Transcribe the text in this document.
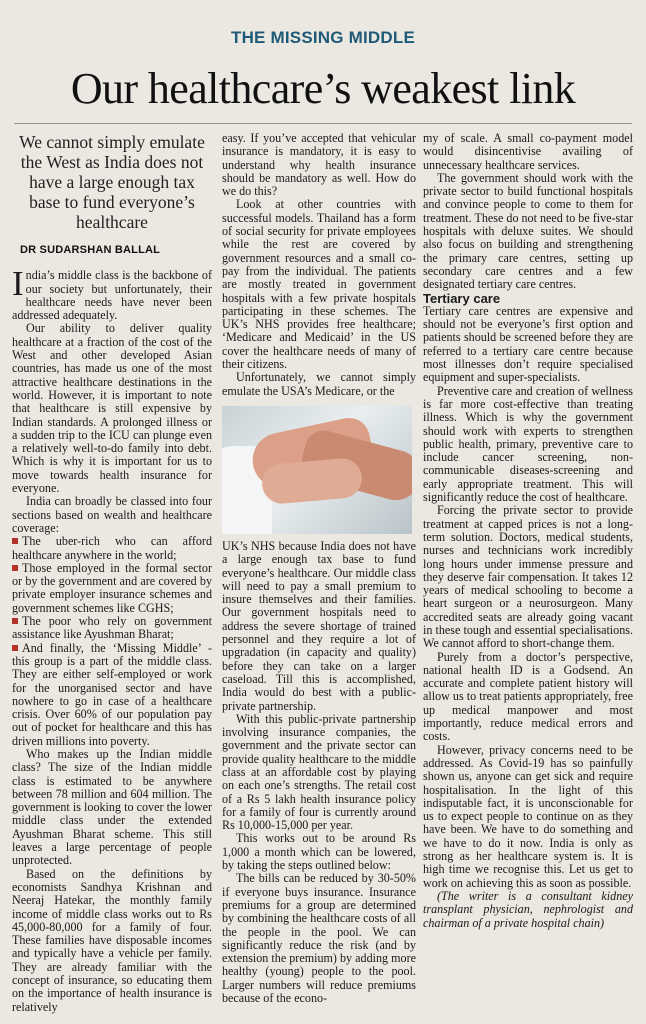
THE MISSING MIDDLE
Our healthcare’s weakest link
We cannot simply emulate the West as India does not have a large enough tax base to fund everyone’s healthcare
DR SUDARSHAN BALLAL

India’s middle class is the backbone of our society but unfortunately, their healthcare needs have never been addressed adequately.

Our ability to deliver quality healthcare at a fraction of the cost of the West and other developed Asian countries, has made us one of the most attractive healthcare destinations in the world. However, it is important to note that healthcare is still expensive by Indian standards. A prolonged illness or a sudden trip to the ICU can plunge even a relatively well-to-do family into debt. Which is why it is important for us to move towards health insurance for everyone.

India can broadly be classed into four sections based on wealth and healthcare coverage:

The uber-rich who can afford healthcare anywhere in the world;

Those employed in the formal sector or by the government and are covered by private employer insurance schemes and government schemes like CGHS;

The poor who rely on government assistance like Ayushman Bharat;

And finally, the ‘Missing Middle’ - this group is a part of the middle class. They are either self-employed or work for the unorganised sector and have nowhere to go in case of a healthcare crisis. Over 60% of our population pay out of pocket for healthcare and this has driven millions into poverty.

Who makes up the Indian middle class? The size of the Indian middle class is estimated to be anywhere between 78 million and 604 million. The government is looking to cover the lower middle class under the extended Ayushman Bharat scheme. This still leaves a large percentage of people unprotected.

Based on the definitions by economists Sandhya Krishnan and Neeraj Hatekar, the monthly family income of middle class works out to Rs 45,000-80,000 for a family of four. These families have disposable incomes and typically have a vehicle per family. They are already familiar with the concept of insurance, so educating them on the importance of health insurance is relatively

easy. If you’ve accepted that vehicular insurance is mandatory, it is easy to understand why health insurance should be mandatory as well. How do we do this?

Look at other countries with successful models. Thailand has a form of social security for private employees while the rest are covered by government resources and a small co-pay from the individual. The patients are mostly treated in government hospitals with a few private hospitals participating in these schemes. The UK’s NHS provides free healthcare; ‘Medicare and Medicaid’ in the US cover the healthcare needs of many of their citizens.

Unfortunately, we cannot simply emulate the USA’s Medicare, or the

UK’s NHS because India does not have a large enough tax base to fund everyone’s healthcare. Our middle class will need to pay a small premium to insure themselves and their families. Our government hospitals need to address the severe shortage of trained personnel and they require a lot of upgradation (in capacity and quality) before they can take on a larger caseload. Till this is accomplished, India would do best with a public-private partnership.

With this public-private partnership involving insurance companies, the government and the private sector can provide quality healthcare to the middle class at an affordable cost by playing on each one’s strengths. The retail cost of a Rs 5 lakh health insurance policy for a family of four is currently around Rs 10,000-15,000 per year.

This works out to be around Rs 1,000 a month which can be lowered, by taking the steps outlined below:

The bills can be reduced by 30-50% if everyone buys insurance. Insurance premiums for a group are determined by combining the healthcare costs of all the people in the pool. We can significantly reduce the risk (and by extension the premium) by adding more healthy (young) people to the pool. Larger numbers will reduce premiums because of the econo-

my of scale. A small co-payment model would disincentivise availing of unnecessary healthcare services.

The government should work with the private sector to build functional hospitals and convince people to come to them for treatment. These do not need to be five-star hospitals with deluxe suites. We should also focus on building and strengthening the primary care centres, setting up secondary care centres and a few designated tertiary care centres.

Tertiary care

Tertiary care centres are expensive and should not be everyone’s first option and patients should be screened before they are referred to a tertiary care centre because most illnesses don’t require specialised equipment and super-specialists.

Preventive care and creation of wellness is far more cost-effective than treating illness. Which is why the government should work with experts to strengthen public health, primary, preventive care to include cancer screening, non-communicable diseases-screening and early appropriate treatment. This will significantly reduce the cost of healthcare.

Forcing the private sector to provide treatment at capped prices is not a long-term solution. Doctors, medical students, nurses and technicians work incredibly long hours under immense pressure and they deserve fair compensation. It takes 12 years of medical schooling to become a heart surgeon or a neurosurgeon. Many accredited seats are already going vacant in these tough and essential specialisations. We cannot afford to short-change them.

Purely from a doctor’s perspective, national health ID is a Godsend. An accurate and complete patient history will allow us to treat patients appropriately, free up medical manpower and most importantly, reduce medical errors and costs.

However, privacy concerns need to be addressed. As Covid-19 has so painfully shown us, anyone can get sick and require hospitalisation. In the light of this indisputable fact, it is unconscionable for us to expect people to continue on as they have been. We have to do something and we have to do it now. India is only as strong as her healthcare system is. It is high time we recognise this. Let us get to work on achieving this as soon as possible.

(The writer is a consultant kidney transplant physician, nephrologist and chairman of a private hospital chain)
